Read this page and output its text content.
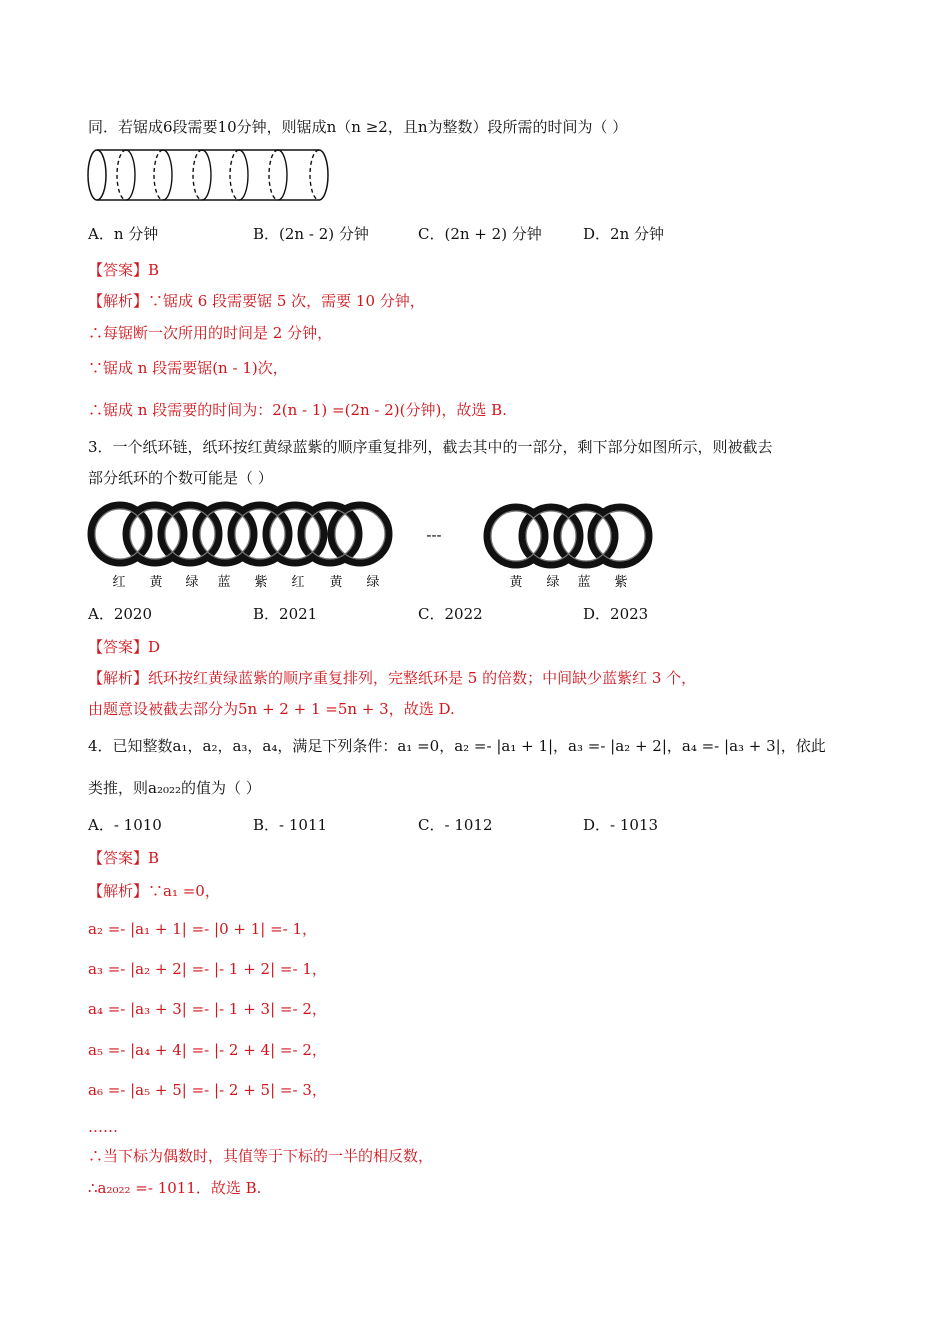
同．若锯成6段需要10分钟，则锯成n（n ≥2，且n为整数）段所需的时间为（ ）
A．n 分钟	B．(2n - 2) 分钟	C．(2n + 2) 分钟	D．2n 分钟
【答案】B
【解析】∵锯成 6 段需要锯 5 次，需要 10 分钟，
∴每锯断一次所用的时间是 2 分钟，
∵锯成 n 段需要锯(n - 1)次，
∴锯成 n 段需要的时间为：2(n - 1) =(2n - 2)(分钟)，故选 B.
3．一个纸环链，纸环按红黄绿蓝紫的顺序重复排列，截去其中的一部分，剩下部分如图所示，则被截去
部分纸环的个数可能是（ ）
---
红 黄 绿 蓝 紫 红 黄 绿	黄 绿 蓝 紫
A．2020	B．2021	C．2022	D．2023
【答案】D
【解析】纸环按红黄绿蓝紫的顺序重复排列，完整纸环是 5 的倍数；中间缺少蓝紫红 3 个，
由题意设被截去部分为5n + 2 + 1 =5n + 3，故选 D.
4．已知整数a₁，a₂，a₃，a₄，满足下列条件：a₁ =0，a₂ =- |a₁ + 1|，a₃ =- |a₂ + 2|，a₄ =- |a₃ + 3|，依此
类推，则a₂₀₂₂的值为（ ）
A．- 1010	B．- 1011	C．- 1012	D．- 1013
【答案】B
【解析】∵a₁ =0，
a₂ =- |a₁ + 1| =- |0 + 1| =- 1，
a₃ =- |a₂ + 2| =- |- 1 + 2| =- 1，
a₄ =- |a₃ + 3| =- |- 1 + 3| =- 2，
a₅ =- |a₄ + 4| =- |- 2 + 4| =- 2，
a₆ =- |a₅ + 5| =- |- 2 + 5| =- 3，
……
∴当下标为偶数时，其值等于下标的一半的相反数，
∴a₂₀₂₂ =- 1011．故选 B.
